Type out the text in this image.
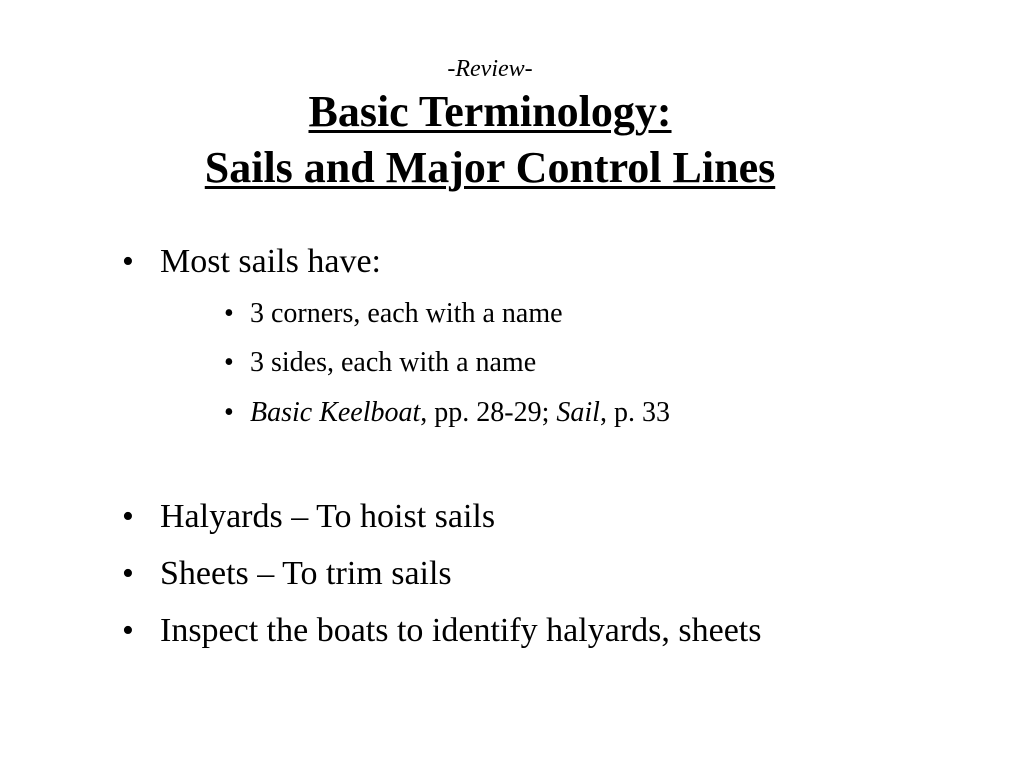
-Review-
Basic Terminology:
Sails and Major Control Lines
• Most sails have:
• 3 corners, each with a name
• 3 sides, each with a name
• Basic Keelboat, pp. 28-29; Sail, p. 33
• Halyards – To hoist sails
• Sheets – To trim sails
• Inspect the boats to identify halyards, sheets
